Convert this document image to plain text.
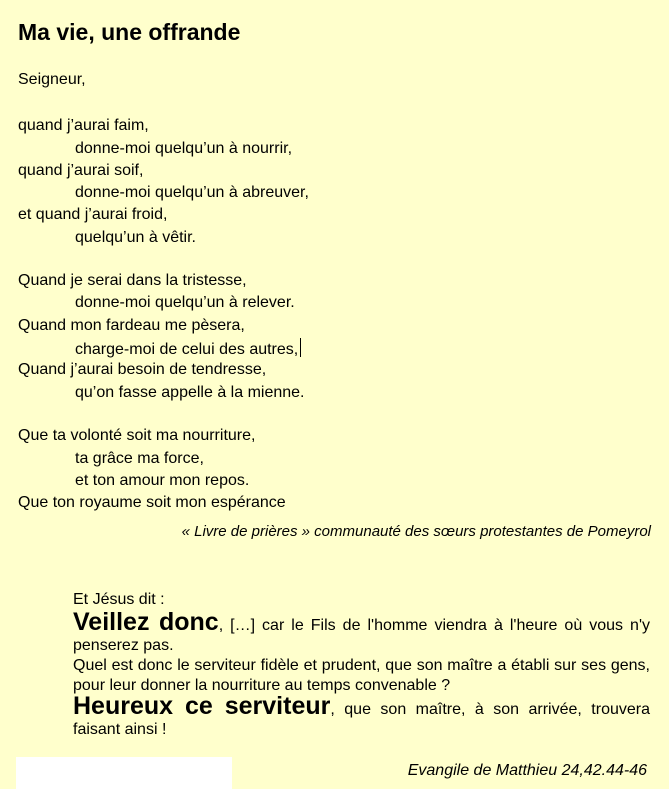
Ma vie, une offrande
Seigneur,
quand j’aurai faim,
donne-moi quelqu’un à nourrir,
quand j’aurai soif,
donne-moi quelqu’un à abreuver,
et quand j’aurai froid,
quelqu’un à vêtir.
Quand je serai dans la tristesse,
donne-moi quelqu’un à relever.
Quand mon fardeau me pèsera,
charge-moi de celui des autres,
Quand j’aurai besoin de tendresse,
qu’on fasse appelle à la mienne.
Que ta volonté soit ma nourriture,
ta grâce ma force,
et ton amour mon repos.
Que ton royaume soit mon espérance
« Livre de prières » communauté des sœurs protestantes de Pomeyrol

Et Jésus dit :

Veillez donc, […] car le Fils de l'homme viendra à l'heure où vous n'y penserez pas.

Quel est donc le serviteur fidèle et prudent, que son maître a établi sur ses gens, pour leur donner la nourriture au temps convenable ?

Heureux ce serviteur, que son maître, à son arrivée, trouvera faisant ainsi !

Evangile de Matthieu 24,42.44-46
